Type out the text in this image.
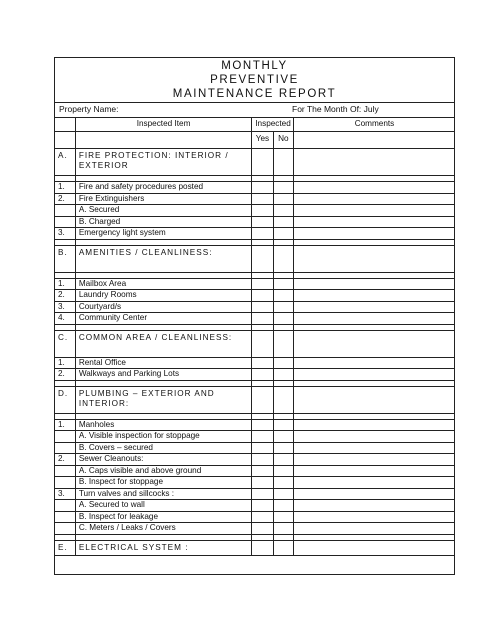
MONTHLY
PREVENTIVE
MAINTENANCE REPORT
Property Name:	For The Month Of: July
	Inspected Item	Inspected		Comments
		Yes	No	
A.	FIRE PROTECTION: INTERIOR / EXTERIOR			

1.	Fire and safety procedures posted			
2.	Fire Extinguishers			
	A. Secured			
	B. Charged			
3.	Emergency light system			

B.	AMENITIES / CLEANLINESS:			

1.	Mailbox Area			
2.	Laundry Rooms			
3.	Courtyard/s			
4.	Community Center			

C.	COMMON AREA / CLEANLINESS:			
1.	Rental Office			
2.	Walkways and Parking Lots			

D.	PLUMBING – EXTERIOR AND INTERIOR:			

1.	Manholes			
	A. Visible inspection for stoppage			
	B. Covers – secured			
2.	Sewer Cleanouts:			
	A. Caps visible and above ground			
	B. Inspect for stoppage			
3.	Turn valves and sillcocks :			
	A. Secured to wall			
	B. Inspect for leakage			
	C. Meters / Leaks / Covers			

E.	ELECTRICAL SYSTEM :			
